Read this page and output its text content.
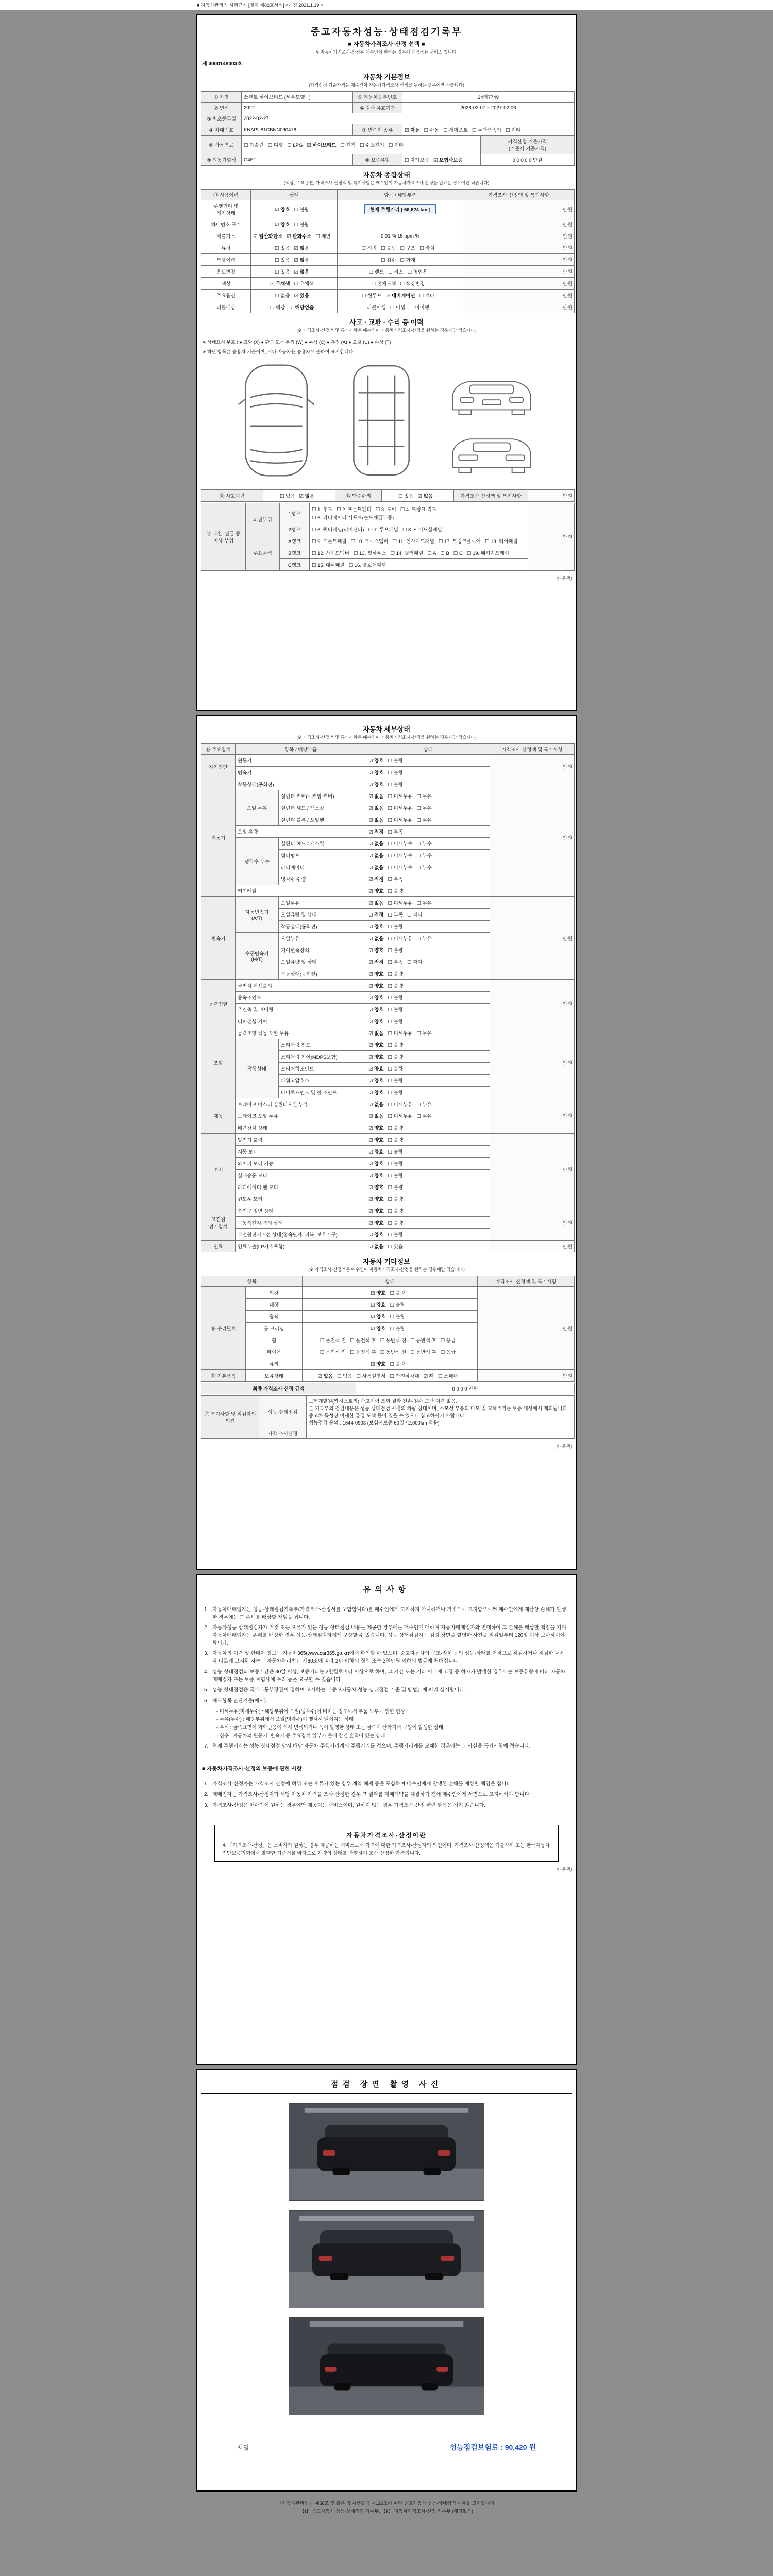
■ 자동차관리법 시행규칙 [별지 제82호서식] <개정 2021.1.19.>
중고자동차성능·상태점검기록부
■ 자동차가격조사·산정 선택 ■
※ 자동차가격조사·산정은 매수인이 원하는 경우에 제공하는 서비스 입니다.
제 4000148003호
자동차 기본정보
(가격산정 기준가격은 매수인이 자동차가격조사·산정을 원하는 경우에만 적습니다)
① 차명	쏘렌토 하이브리드 (세부모델 : )	⑤ 자동차등록번호	24러7749	
② 연식	2022	⑥ 검사 유효기간	2026-02-07 ~ 2027-02-06	
③ 최초등록일	2022-02-27			
④ 차대번호	KNAPU81CBNN090476	⑦ 변속기 종류	☑ 자동 ☐ 수동 ☐ 세미오토 ☐ 무단변속기 ☐ 기타	
⑧ 사용연료	☐ 가솔린 ☐ 디젤 ☐ LPG ☑ 하이브리드 ☐ 전기 ☐ 수소전기 ☐ 기타			가격산정 기준가격
(기준서 기준가격)
⑨ 원동기형식	G4FT	⑩ 보증유형	☐ 자가보증 ☑ 보험사보증	0 0 0 0 0 만원
자동차 종합상태
(색상, 주요옵션, 가격조사·산정액 및 특기사항은 매수인이 자동차가격조사·산정을 원하는 경우에만 적습니다)
⑪ 사용이력	상태	항목 / 해당부품	가격조사·산정액 및 특기사항
주행거리 및 계기상태	☑ 양호 ☐ 불량	현재 주행거리 [ 66,624 km ]	만원
차대번호 표기	☑ 양호 ☐ 불량		만원
배출가스	☑ 일산화탄소 ☑ 탄화수소 ☐ 매연	0.01 % 15 ppm %	만원
튜닝	☐ 있음 ☑ 없음	☐ 적법 ☐ 불법 ☐ 구조 ☐ 장치	만원
특별이력	☐ 있음 ☑ 없음	☐ 침수 ☐ 화재	만원
용도변경	☐ 있음 ☑ 없음	☐ 렌트 ☐ 리스 ☐ 영업용	만원
색상	☑ 무채색 ☐ 유채색	☐ 전체도색 ☐ 색상변경	만원
주요옵션	☐ 없음 ☑ 있음	☐ 썬루프 ☑ 네비게이션 ☐ 기타	만원
리콜대상	☐ 해당 ☑ 해당없음	리콜이행 ☐ 이행 ☐ 미이행	만원
사고 · 교환 · 수리 등 이력
(※ 가격조사·산정액 및 특기사항은 매수인이 자동차가격조사·산정을 원하는 경우에만 적습니다)
※ 상태표시 부호 : ● 교환 (X) ● 판금 또는 용접 (W) ● 부식 (C) ● 흠집 (A) ● 요철 (U) ● 손상 (T)
※ 하단 항목은 승용차 기준이며, 기타 자동차는 승용차에 준하여 표시합니다.
⑫ 사고이력	☐ 있음 ☑ 없음	⑬ 단순수리	☐ 있음 ☑ 없음	가격조사·산정액 및 특기사항	만원
⑭ 교환, 판금 등 이상 부위	외판부위	1랭크	☐ 1. 후드 ☐ 2. 프론트펜더 ☐ 3. 도어 ☐ 4. 트렁크 리드☐ 5. 라디에이터 서포트(볼트체결부품)	만원
		2랭크	☐ 6. 쿼터패널(리어펜더) ☐ 7. 루프패널 ☐ 8. 사이드실패널	
	주요골격	A랭크	☐ 9. 프론트패널 ☐ 10. 크로스멤버 ☐ 11. 인사이드패널 ☐ 17. 트렁크플로어 ☐ 18. 리어패널	
		B랭크	☐ 12. 사이드멤버 ☐ 13. 휠하우스 ☐ 14. 필러패널 ☐ A ☐ B ☐ C ☐ 19. 패키지트레이	
		C랭크	☐ 15. 대쉬패널 ☐ 16. 플로어패널	
(다음쪽)
자동차 세부상태
(※ 가격조사·산정액 및 특기사항은 매수인이 자동차가격조사·산정을 원하는 경우에만 적습니다)
⑮ 주요장치	항목 / 해당부품		상태	가격조사·산정액 및 특기사항
자기진단	원동기		☑ 양호 ☐ 불량	만원
	변속기		☑ 양호 ☐ 불량	
원동기	작동상태(공회전)		☑ 양호 ☐ 불량	만원
	오일 누유	실린더 커버(로커암 커버)	☑ 없음 ☐ 미세누유 ☐ 누유	
		실린더 헤드 / 개스킷	☑ 없음 ☐ 미세누유 ☐ 누유	
		실린더 블록 / 오일팬	☑ 없음 ☐ 미세누유 ☐ 누유	
	오일 유량		☑ 적정 ☐ 부족	
	냉각수 누수	실린더 헤드 / 개스킷	☑ 없음 ☐ 미세누수 ☐ 누수	
		워터펌프	☑ 없음 ☐ 미세누수 ☐ 누수	
		라디에이터	☑ 없음 ☐ 미세누수 ☐ 누수	
		냉각수 수량	☑ 적정 ☐ 부족	
	커먼레일		☑ 양호 ☐ 불량	
변속기	자동변속기
(A/T)	오일누유	☑ 없음 ☐ 미세누유 ☐ 누유	만원
		오일유량 및 상태	☑ 적정 ☐ 부족 ☐ 과다	
		작동상태(공회전)	☑ 양호 ☐ 불량	
	수동변속기
(M/T)	오일누유	☑ 없음 ☐ 미세누유 ☐ 누유	
		기어변속장치	☑ 양호 ☐ 불량	
		오일유량 및 상태	☑ 적정 ☐ 부족 ☐ 과다	
		작동상태(공회전)	☑ 양호 ☐ 불량	
동력전달	클러치 어셈블리		☑ 양호 ☐ 불량	만원
	등속조인트		☑ 양호 ☐ 불량	
	추진축 및 베어링		☑ 양호 ☐ 불량	
	디퍼렌셜 기어		☑ 양호 ☐ 불량	
조향	동력조향 작동 오일 누유		☑ 없음 ☐ 미세누유 ☐ 누유	만원
	작동상태	스티어링 펌프	☑ 양호 ☐ 불량	
		스티어링 기어(MDPS포함)	☑ 양호 ☐ 불량	
		스티어링조인트	☑ 양호 ☐ 불량	
		파워고압호스	☑ 양호 ☐ 불량	
		타이로드엔드 및 볼 조인트	☑ 양호 ☐ 불량	
제동	브레이크 마스터 실린더오일 누유		☑ 없음 ☐ 미세누유 ☐ 누유	만원
	브레이크 오일 누유		☑ 없음 ☐ 미세누유 ☐ 누유	
	배력장치 상태		☑ 양호 ☐ 불량	
전기	발전기 출력		☑ 양호 ☐ 불량	만원
	시동 모터		☑ 양호 ☐ 불량	
	와이퍼 모터 기능		☑ 양호 ☐ 불량	
	실내송풍 모터		☑ 양호 ☐ 불량	
	라디에이터 팬 모터		☑ 양호 ☐ 불량	
	윈도우 모터		☑ 양호 ☐ 불량	
고전원
전기장치	충전구 절연 상태		☑ 양호 ☐ 불량	만원
	구동축전지 격리 상태		☑ 양호 ☐ 불량	
	고전원전기배선 상태(접속단자, 피복, 보호기구)		☑ 양호 ☐ 불량	
연료	연료누출(LP가스포함)		☑ 없음 ☐ 있음	만원
자동차 기타정보
(※ 가격조사·산정액은 매수인이 자동차가격조사·산정을 원하는 경우에만 적습니다)
항목		상태	가격조사·산정액 및 특기사항
⑯ 수리필요	외장	☑ 양호 ☐ 불량	만원
	내장	☑ 양호 ☐ 불량	
	광택	☑ 양호 ☐ 불량	
	룸 크리닝	☑ 양호 ☐ 불량	
	휠	☐ 운전석 전 ☐ 운전석 후 ☐ 동반석 전 ☐ 동반석 후 ☐ 응급	
	타이어	☐ 운전석 전 ☐ 운전석 후 ☐ 동반석 전 ☐ 동반석 후 ☐ 응급	
	유리	☑ 양호 ☐ 불량	
⑰ 기본품목	보유상태	☑ 있음 ☐ 없음 ☐ 사용설명서 ☐ 안전삼각대 ☑ 잭 ☐ 스패너	만원
최종 가격조사·산정 금액	0 0 0 0 만원
⑱ 특기사항 및 점검자의 의견	성능·상태점검	보험개발원(카히스토리) 사고이력 조회 결과 전손·침수·도난 이력 없음.
본 기록부의 점검내용은 성능·상태점검 시점의 차량 상태이며, 소모성 부품의 마모 및 교체주기는 보증 대상에서 제외됩니다.
중고차 특성상 미세한 흠집·도색 등이 있을 수 있으니 참고하시기 바랍니다.
성능점검 문의 : 1644-0903 (보험사보증 60일 / 2,000km 적용)
	가격·조사산정	
(다음쪽)
유의사항
1. 자동차매매업자는 성능·상태점검기록부(가격조사·산정서를 포함합니다)를 매수인에게 고지하지 아니하거나 거짓으로 고지함으로써 매수인에게 재산상 손해가 발생한 경우에는 그 손해를 배상할 책임을 집니다.
2. 자동차성능·상태점검자가 거짓 또는 오류가 있는 성능·상태점검 내용을 제공한 경우에는 매수인에 대하여 자동차매매업자와 연대하여 그 손해를 배상할 책임을 지며, 자동차매매업자는 손해를 배상한 경우 성능·상태점검자에게 구상할 수 있습니다. 성능·상태점검자는 점검 장면을 촬영한 사진을 점검일부터 120일 이상 보관하여야 합니다.
3. 자동차의 이력 및 판매자 정보는 자동차365(www.car365.go.kr)에서 확인할 수 있으며, 중고자동차의 구조·장치 등의 성능·상태를 거짓으로 점검하거나 점검한 내용과 다르게 고지한 자는 「자동차관리법」 제80조에 따라 2년 이하의 징역 또는 2천만원 이하의 벌금에 처해집니다.
4. 성능·상태점검의 보증기간은 30일 이상, 보증거리는 2천킬로미터 이상으로 하며, 그 기간 또는 거리 이내에 고장 등 하자가 발생한 경우에는 보증유형에 따라 자동차매매업자 또는 보증 보험사에 수리 등을 요구할 수 있습니다.
5. 성능·상태점검은 국토교통부장관이 정하여 고시하는 「중고자동차 성능·상태점검 기준 및 방법」에 따라 실시합니다.
6. 체크항목 판단기준(예시)
- 미세누유(미세누수) : 해당부위에 오일(냉각수)이 비치는 정도로서 부품 노후로 인한 현상
- 누유(누수) : 해당부위에서 오일(냉각수)이 맺혀서 떨어지는 상태
- 부식 : 금속표면이 화학반응에 의해 변색되거나 녹이 발생한 상태 또는 금속이 산화되어 구멍이 발생한 상태
- 침수 : 자동차의 원동기, 변속기 등 주요장치 일부가 물에 잠긴 흔적이 있는 상태
7. 현재 주행거리는 성능·상태점검 당시 해당 자동차 주행거리계의 주행거리를 적으며, 주행거리계를 교체한 경우에는 그 사실을 특기사항에 적습니다.
■ 자동차가격조사·산정의 보증에 관한 사항
1. 가격조사·산정자는 가격조사·산정에 허위 또는 오류가 있는 경우 계약 해제 등을 포함하여 매수인에게 발생한 손해를 배상할 책임을 집니다.
2. 매매업자는 가격조사·산정자가 해당 자동차 가격을 조사·산정한 경우 그 결과를 매매계약을 체결하기 전에 매수인에게 서면으로 고지하여야 합니다.
3. 가격조사·산정은 매수인이 원하는 경우에만 제공되는 서비스이며, 원하지 않는 경우 가격조사·산정 관련 항목은 적지 않습니다.
자동차가격조사·산정이란
※ 「가격조사·산정」은 소비자가 원하는 경우 제공하는 서비스로서 가격에 대한 가격조사·산정자의 의견이며, 가격조사·산정액은 기술사회 또는 한국자동차진단보증협회에서 발행한 기준서를 바탕으로 차량의 상태를 반영하여 조사·산정한 가격입니다.
(다음쪽)
점검 장면 촬영 사진
서명	성능점검보험료 : 90,420 원
「자동차관리법」 제58조 및 같은 법 시행규칙 제120조에 따라 중고자동차 성능·상태점검 내용을 고지합니다.
【Ⅰ】 중고자동차 성능·상태점검 기록부, 【Ⅱ】 자동차가격조사·산정 기록부 (해당없음)
